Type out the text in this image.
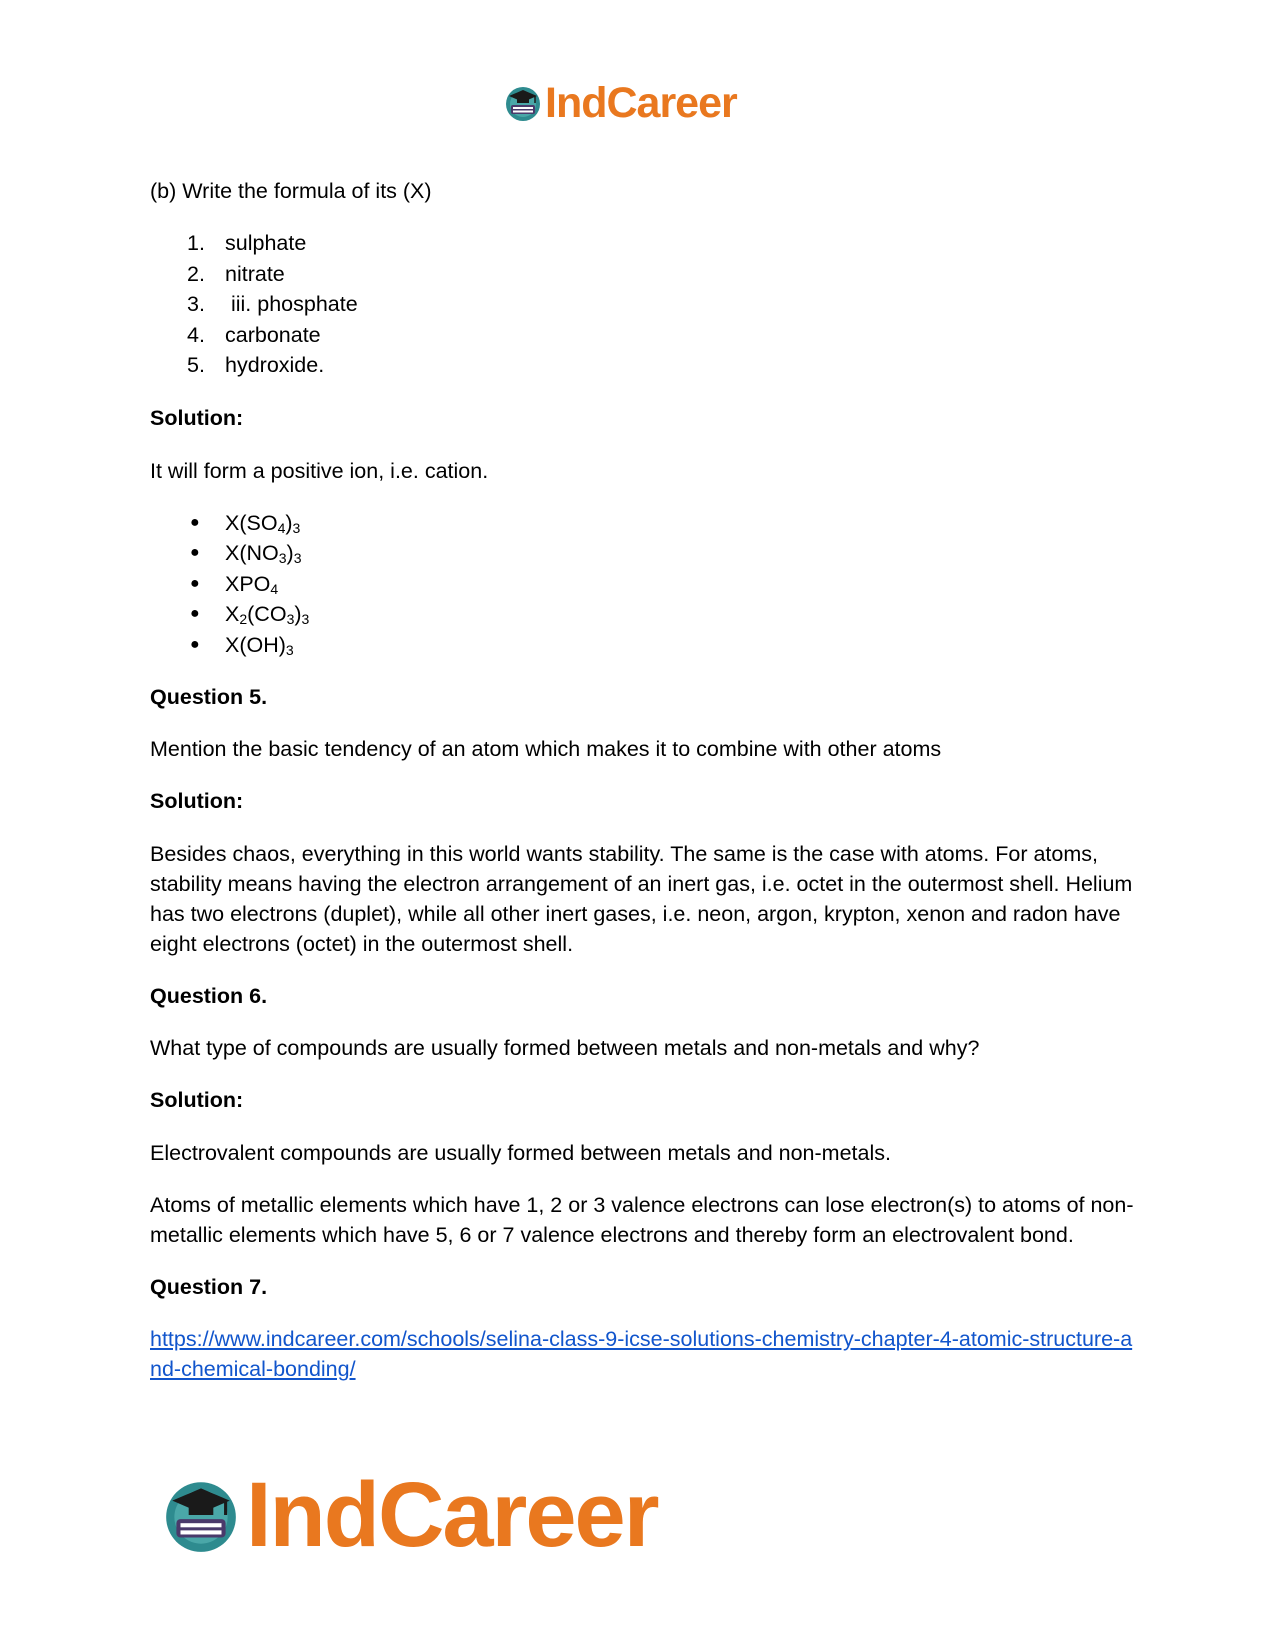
IndCareer

(b) Write the formula of its (X)

1. sulphate
2. nitrate
3. iii. phosphate
4. carbonate
5. hydroxide.

Solution:

It will form a positive ion, i.e. cation.

● $X(SO_4)_3$
● $X(NO_3)_3$
● $XPO_4$
● $X_2(CO_3)_3$
● $X(OH)_3$

Question 5.

Mention the basic tendency of an atom which makes it to combine with other atoms

Solution:

Besides chaos, everything in this world wants stability. The same is the case with atoms. For atoms, stability means having the electron arrangement of an inert gas, i.e. octet in the outermost shell. Helium has two electrons (duplet), while all other inert gases, i.e. neon, argon, krypton, xenon and radon have eight electrons (octet) in the outermost shell.

Question 6.

What type of compounds are usually formed between metals and non-metals and why?

Solution:

Electrovalent compounds are usually formed between metals and non-metals.

Atoms of metallic elements which have 1, 2 or 3 valence electrons can lose electron(s) to atoms of non-metallic elements which have 5, 6 or 7 valence electrons and thereby form an electrovalent bond.

Question 7.

https://www.indcareer.com/schools/selina-class-9-icse-solutions-chemistry-chapter-4-atomic-structure-and-chemical-bonding/
IndCareer
